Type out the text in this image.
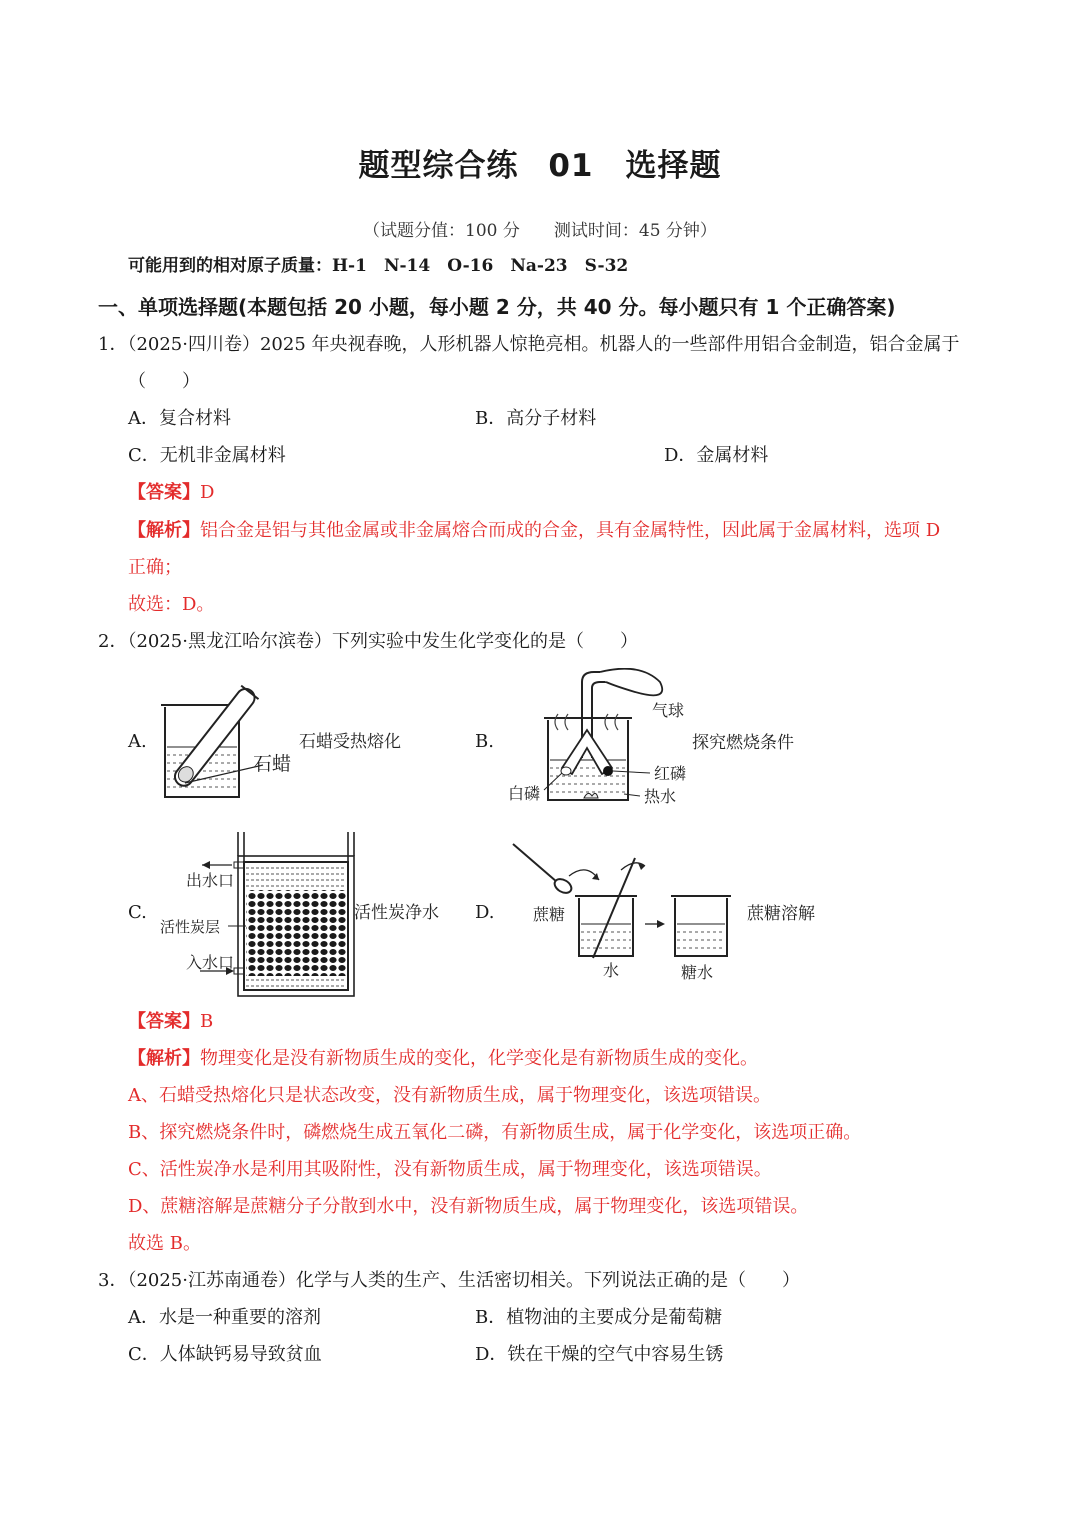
题型综合练 01　选择题
（试题分值：100 分　　测试时间：45 分钟）
可能用到的相对原子质量：H-1　N-14　O-16　Na-23　S-32
一、单项选择题(本题包括 20 小题，每小题 2 分，共 40 分。每小题只有 1 个正确答案)
1．（2025·四川卷）2025 年央视春晚，人形机器人惊艳亮相。机器人的一些部件用铝合金制造，铝合金属于
（　　）
A．复合材料	B．高分子材料
C．无机非金属材料	D．金属材料
【答案】D
【解析】铝合金是铝与其他金属或非金属熔合而成的合金，具有金属特性，因此属于金属材料，选项 D
正确；
故选：D。
2．（2025·黑龙江哈尔滨卷）下列实验中发生化学变化的是（　　）
A.	B.
C.	D.
石蜡
石蜡受热熔化
气球
红磷
白磷	热水
探究燃烧条件
出水口
活性炭层
入水口
活性炭净水	蔗糖
水	糖水
蔗糖溶解
【答案】B
【解析】物理变化是没有新物质生成的变化，化学变化是有新物质生成的变化。
A、石蜡受热熔化只是状态改变，没有新物质生成，属于物理变化，该选项错误。
B、探究燃烧条件时，磷燃烧生成五氧化二磷，有新物质生成，属于化学变化，该选项正确。
C、活性炭净水是利用其吸附性，没有新物质生成，属于物理变化，该选项错误。
D、蔗糖溶解是蔗糖分子分散到水中，没有新物质生成，属于物理变化，该选项错误。
故选 B。
3．（2025·江苏南通卷）化学与人类的生产、生活密切相关。下列说法正确的是（　　）
A．水是一种重要的溶剂	B．植物油的主要成分是葡萄糖
C．人体缺钙易导致贫血	D．铁在干燥的空气中容易生锈
